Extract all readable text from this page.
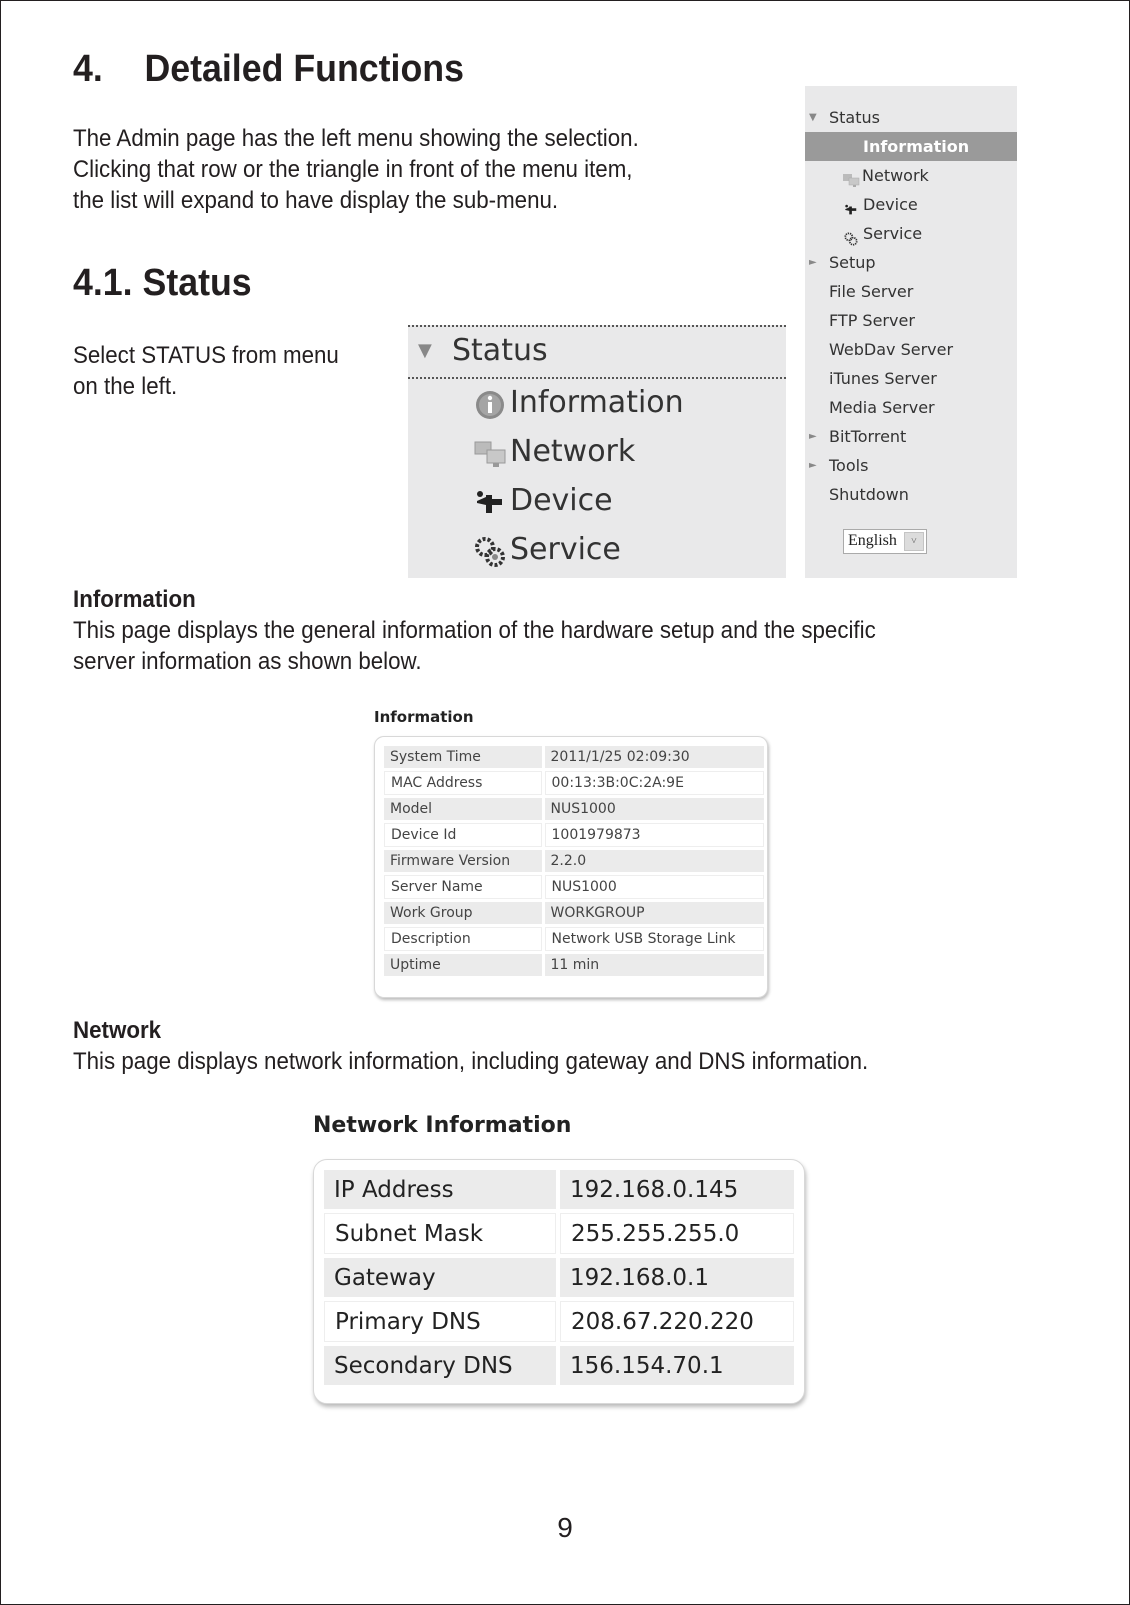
4. Detailed Functions
The Admin page has the left menu showing the selection.
Clicking that row or the triangle in front of the menu item,
the list will expand to have display the sub-menu.
4.1. Status
Select STATUS from menu
on the left.
▼ Status
Information
Network
Device
Service
▼ Status
Information
Network
Device
Service
► Setup
File Server
FTP Server
WebDav Server
iTunes Server
Media Server
► BitTorrent
► Tools
Shutdown
English	˅
Information
This page displays the general information of the hardware setup and the specific
server information as shown below.
Information
System Time	2011/1/25 02:09:30
MAC Address	00:13:3B:0C:2A:9E
Model	NUS1000
Device Id	1001979873
Firmware Version	2.2.0
Server Name	NUS1000
Work Group	WORKGROUP
Description	Network USB Storage Link
Uptime	11 min
Network
This page displays network information, including gateway and DNS information.
Network Information
IP Address	192.168.0.145
Subnet Mask	255.255.255.0
Gateway	192.168.0.1
Primary DNS	208.67.220.220
Secondary DNS	156.154.70.1
9
